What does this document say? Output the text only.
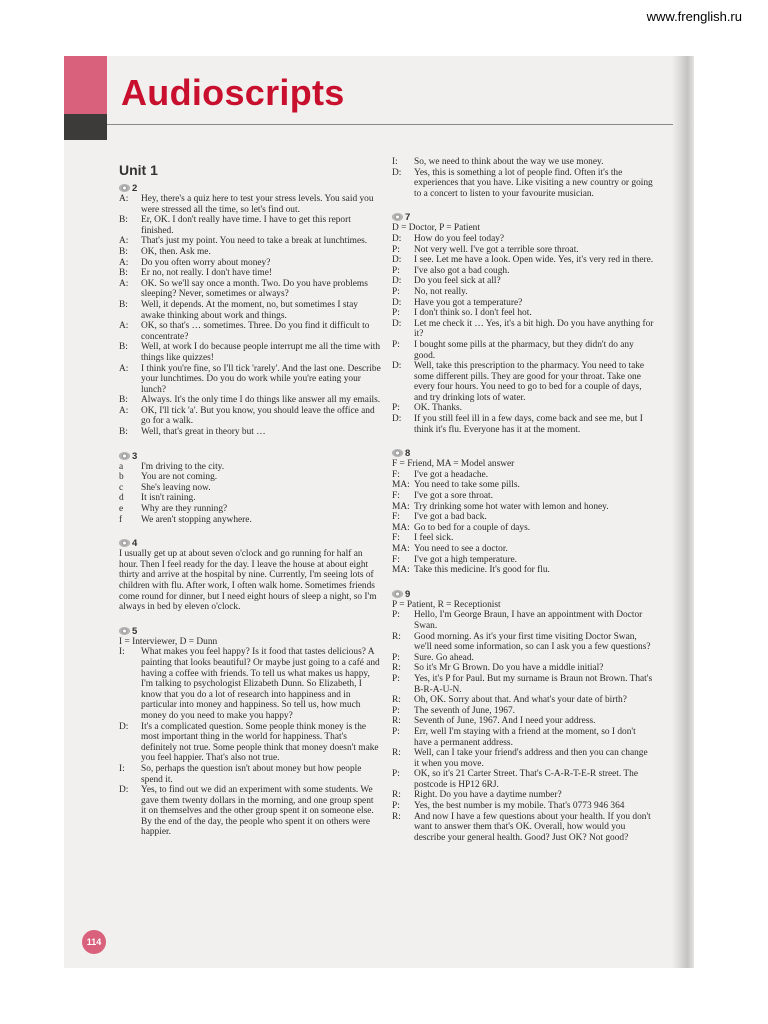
www.frenglish.ru
Audioscripts
Unit 1
2
A:	Hey, there's a quiz here to test your stress levels. You said you were stressed all the time, so let's find out.
B:	Er, OK. I don't really have time. I have to get this report finished.
A:	That's just my point. You need to take a break at lunchtimes.
B:	OK, then. Ask me.
A:	Do you often worry about money?
B:	Er no, not really. I don't have time!
A:	OK. So we'll say once a month. Two. Do you have problems sleeping? Never, sometimes or always?
B:	Well, it depends. At the moment, no, but sometimes I stay awake thinking about work and things.
A:	OK, so that's … sometimes. Three. Do you find it difficult to concentrate?
B:	Well, at work I do because people interrupt me all the time with things like quizzes!
A:	I think you're fine, so I'll tick 'rarely'. And the last one. Describe your lunchtimes. Do you do work while you're eating your lunch?
B:	Always. It's the only time I do things like answer all my emails.
A:	OK, I'll tick 'a'. But you know, you should leave the office and go for a walk.
B:	Well, that's great in theory but …
3
a	I'm driving to the city.
b	You are not coming.
c	She's leaving now.
d	It isn't raining.
e	Why are they running?
f	We aren't stopping anywhere.
4
I usually get up at about seven o'clock and go running for half an hour. Then I feel ready for the day. I leave the house at about eight thirty and arrive at the hospital by nine. Currently, I'm seeing lots of children with flu. After work, I often walk home. Sometimes friends come round for dinner, but I need eight hours of sleep a night, so I'm always in bed by eleven o'clock.
5
I = Interviewer, D = Dunn
I:	What makes you feel happy? Is it food that tastes delicious? A painting that looks beautiful? Or maybe just going to a café and having a coffee with friends. To tell us what makes us happy, I'm talking to psychologist Elizabeth Dunn. So Elizabeth, I know that you do a lot of research into happiness and in particular into money and happiness. So tell us, how much money do you need to make you happy?
D:	It's a complicated question. Some people think money is the most important thing in the world for happiness. That's definitely not true. Some people think that money doesn't make you feel happier. That's also not true.
I:	So, perhaps the question isn't about money but how people spend it.
D:	Yes, to find out we did an experiment with some students. We gave them twenty dollars in the morning, and one group spent it on themselves and the other group spent it on someone else. By the end of the day, the people who spent it on others were happier.
I:	So, we need to think about the way we use money.
D:	Yes, this is something a lot of people find. Often it's the experiences that you have. Like visiting a new country or going to a concert to listen to your favourite musician.
7
D = Doctor, P = Patient
D:	How do you feel today?
P:	Not very well. I've got a terrible sore throat.
D:	I see. Let me have a look. Open wide. Yes, it's very red in there.
P:	I've also got a bad cough.
D:	Do you feel sick at all?
P:	No, not really.
D:	Have you got a temperature?
P:	I don't think so. I don't feel hot.
D:	Let me check it … Yes, it's a bit high. Do you have anything for it?
P:	I bought some pills at the pharmacy, but they didn't do any good.
D:	Well, take this prescription to the pharmacy. You need to take some different pills. They are good for your throat. Take one every four hours. You need to go to bed for a couple of days, and try drinking lots of water.
P:	OK. Thanks.
D:	If you still feel ill in a few days, come back and see me, but I think it's flu. Everyone has it at the moment.
8
F = Friend, MA = Model answer
F:	I've got a headache.
MA: You need to take some pills.
F:	I've got a sore throat.
MA: Try drinking some hot water with lemon and honey.
F:	I've got a bad back.
MA: Go to bed for a couple of days.
F:	I feel sick.
MA: You need to see a doctor.
F:	I've got a high temperature.
MA: Take this medicine. It's good for flu.
9
P = Patient, R = Receptionist
P:	Hello, I'm George Braun, I have an appointment with Doctor Swan.
R:	Good morning. As it's your first time visiting Doctor Swan, we'll need some information, so can I ask you a few questions?
P:	Sure. Go ahead.
R:	So it's Mr G Brown. Do you have a middle initial?
P:	Yes, it's P for Paul. But my surname is Braun not Brown. That's B-R-A-U-N.
R:	Oh, OK. Sorry about that. And what's your date of birth?
P:	The seventh of June, 1967.
R:	Seventh of June, 1967. And I need your address.
P:	Err, well I'm staying with a friend at the moment, so I don't have a permanent address.
R:	Well, can I take your friend's address and then you can change it when you move.
P:	OK, so it's 21 Carter Street. That's C-A-R-T-E-R street. The postcode is HP12 6RJ.
R:	Right. Do you have a daytime number?
P:	Yes, the best number is my mobile. That's 0773 946 364
R:	And now I have a few questions about your health. If you don't want to answer them that's OK. Overall, how would you describe your general health. Good? Just OK? Not good?
114
